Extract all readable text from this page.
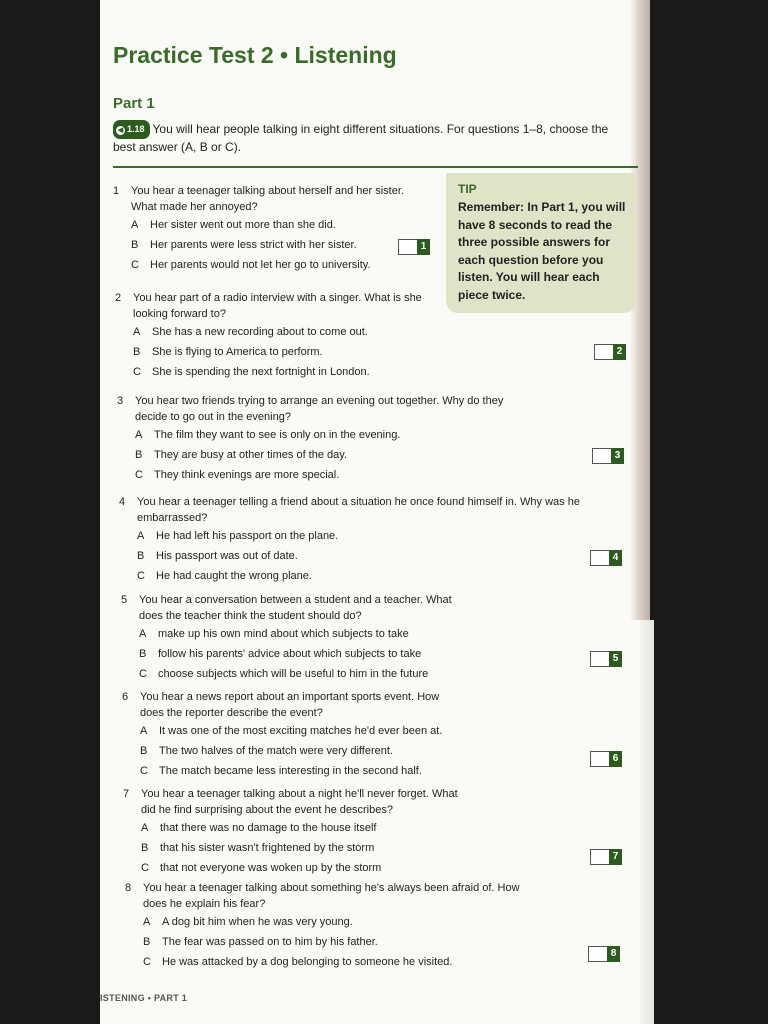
Practice Test 2 • Listening
Part 1
◀ 1.18 You will hear people talking in eight different situations. For questions 1–8, choose the best answer (A, B or C).
TIP
Remember: In Part 1, you will have 8 seconds to read the three possible answers for each question before you listen. You will hear each piece twice.
1	You hear a teenager talking about herself and her sister. What made her annoyed?
A	Her sister went out more than she did.
B	Her parents were less strict with her sister.
C	Her parents would not let her go to university.
1
2	You hear part of a radio interview with a singer. What is she looking forward to?
A	She has a new recording about to come out.
B	She is flying to America to perform.
C	She is spending the next fortnight in London.
2
3	You hear two friends trying to arrange an evening out together. Why do they decide to go out in the evening?
A	The film they want to see is only on in the evening.
B	They are busy at other times of the day.
C	They think evenings are more special.
3
4	You hear a teenager telling a friend about a situation he once found himself in. Why was he embarrassed?
A	He had left his passport on the plane.
B	His passport was out of date.
C	He had caught the wrong plane.
4
5	You hear a conversation between a student and a teacher. What does the teacher think the student should do?
A	make up his own mind about which subjects to take
B	follow his parents' advice about which subjects to take
C	choose subjects which will be useful to him in the future
5
6	You hear a news report about an important sports event. How does the reporter describe the event?
A	It was one of the most exciting matches he'd ever been at.
B	The two halves of the match were very different.
C	The match became less interesting in the second half.
6
7	You hear a teenager talking about a night he'll never forget. What did he find surprising about the event he describes?
A	that there was no damage to the house itself
B	that his sister wasn't frightened by the storm
C	that not everyone was woken up by the storm
7
8	You hear a teenager talking about something he's always been afraid of. How does he explain his fear?
A	A dog bit him when he was very young.
B	The fear was passed on to him by his father.
C	He was attacked by a dog belonging to someone he visited.
8
ISTENING • PART 1
